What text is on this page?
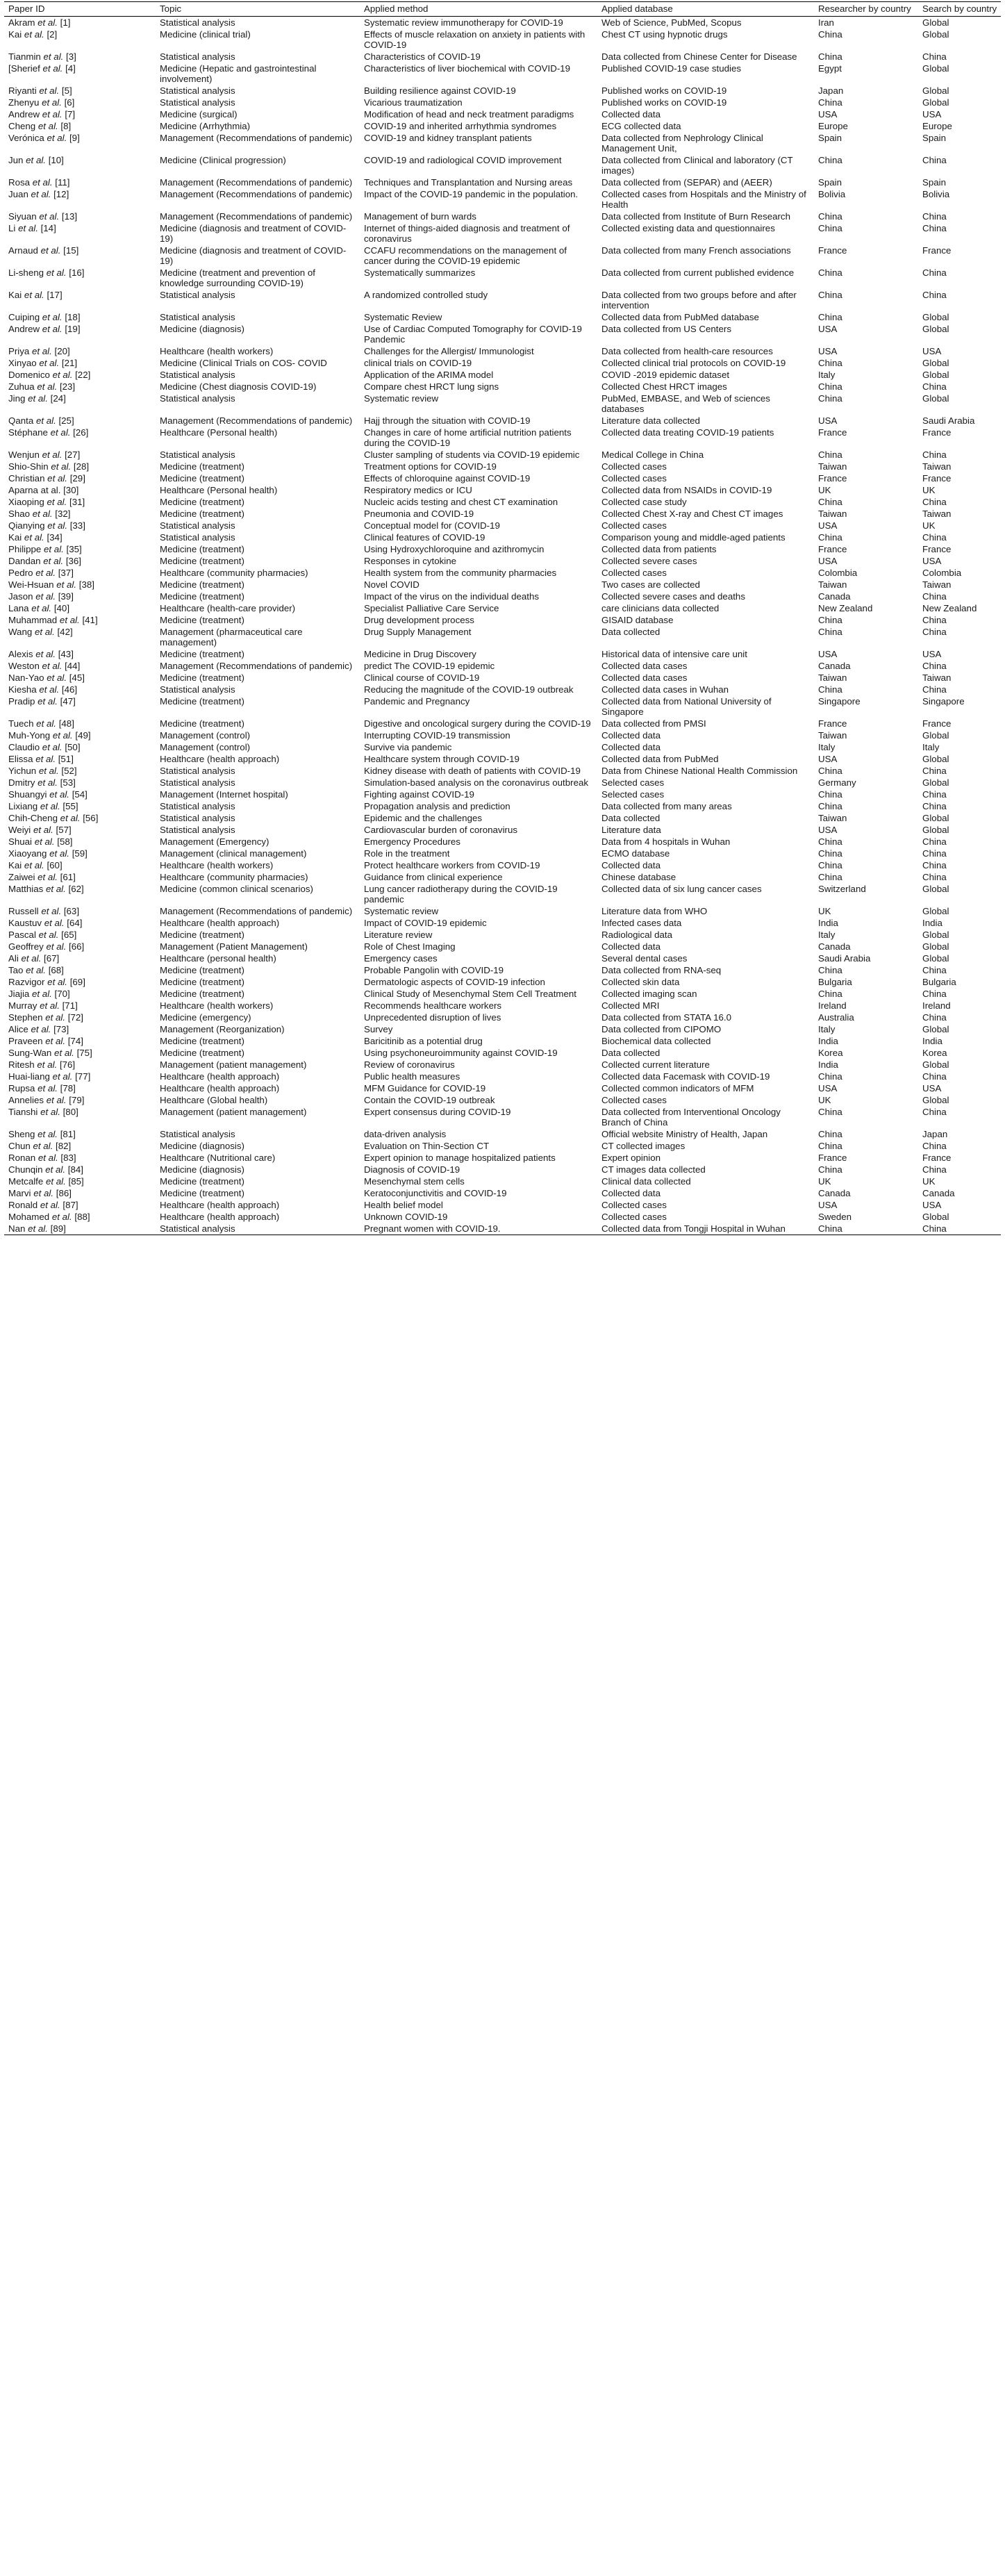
Paper ID	Topic	Applied method	Applied database	Researcher by country	Search by country
Akram et al. [1]	Statistical analysis	Systematic review immunotherapy for COVID-19	Web of Science, PubMed, Scopus	Iran	Global
Kai et al. [2]	Medicine (clinical trial)	Effects of muscle relaxation on anxiety in patients with COVID-19	Chest CT using hypnotic drugs	China	Global
Tianmin et al. [3]	Statistical analysis	Characteristics of COVID-19	Data collected from Chinese Center for Disease	China	China
[Sherief et al. [4]	Medicine (Hepatic and gastrointestinal involvement)	Characteristics of liver biochemical with COVID-19	Published COVID-19 case studies	Egypt	Global
Riyanti et al. [5]	Statistical analysis	Building resilience against COVID-19	Published works on COVID-19	Japan	Global
Zhenyu et al. [6]	Statistical analysis	Vicarious traumatization	Published works on COVID-19	China	Global
Andrew et al. [7]	Medicine (surgical)	Modification of head and neck treatment paradigms	Collected data	USA	USA
Cheng et al. [8]	Medicine (Arrhythmia)	COVID-19 and inherited arrhythmia syndromes	ECG collected data	Europe	Europe
Verónica et al. [9]	Management (Recommendations of pandemic)	COVID-19 and kidney transplant patients	Data collected from Nephrology Clinical Management Unit,	Spain	Spain
Jun et al. [10]	Medicine (Clinical progression)	COVID-19 and radiological COVID improvement	Data collected from Clinical and laboratory (CT images)	China	China
Rosa et al. [11]	Management (Recommendations of pandemic)	Techniques and Transplantation and Nursing areas	Data collected from (SEPAR) and (AEER)	Spain	Spain
Juan et al. [12]	Management (Recommendations of pandemic)	Impact of the COVID-19 pandemic in the population.	Collected cases from Hospitals and the Ministry of Health	Bolivia	Bolivia
Siyuan et al. [13]	Management (Recommendations of pandemic)	Management of burn wards	Data collected from Institute of Burn Research	China	China
Li et al. [14]	Medicine (diagnosis and treatment of COVID-19)	Internet of things-aided diagnosis and treatment of coronavirus	Collected existing data and questionnaires	China	China
Arnaud et al. [15]	Medicine (diagnosis and treatment of COVID-19)	CCAFU recommendations on the management of cancer during the COVID-19 epidemic	Data collected from many French associations	France	France
Li-sheng et al. [16]	Medicine (treatment and prevention of knowledge surrounding COVID-19)	Systematically summarizes	Data collected from current published evidence	China	China
Kai et al. [17]	Statistical analysis	A randomized controlled study	Data collected from two groups before and after intervention	China	China
Cuiping et al. [18]	Statistical analysis	Systematic Review	Collected data from PubMed database	China	Global
Andrew et al. [19]	Medicine (diagnosis)	Use of Cardiac Computed Tomography for COVID-19 Pandemic	Data collected from US Centers	USA	Global
Priya et al. [20]	Healthcare (health workers)	Challenges for the Allergist/ Immunologist	Data collected from health-care resources	USA	USA
Xinyao et al. [21]	Medicine (Clinical Trials on COS- COVID	clinical trials on COVID-19	Collected clinical trial protocols on COVID-19	China	Global
Domenico et al. [22]	Statistical analysis	Application of the ARIMA model	COVID -2019 epidemic dataset	Italy	Global
Zuhua et al. [23]	Medicine (Chest diagnosis COVID-19)	Compare chest HRCT lung signs	Collected Chest HRCT images	China	China
Jing et al. [24]	Statistical analysis	Systematic review	PubMed, EMBASE, and Web of sciences databases	China	Global
Qanta et al. [25]	Management (Recommendations of pandemic)	Hajj through the situation with COVID-19	Literature data collected	USA	Saudi Arabia
Stéphane et al. [26]	Healthcare (Personal health)	Changes in care of home artificial nutrition patients during the COVID-19	Collected data treating COVID-19 patients	France	France
Wenjun et al. [27]	Statistical analysis	Cluster sampling of students via COVID-19 epidemic	Medical College in China	China	China
Shio-Shin et al. [28]	Medicine (treatment)	Treatment options for COVID-19	Collected cases	Taiwan	Taiwan
Christian et al. [29]	Medicine (treatment)	Effects of chloroquine against COVID-19	Collected cases	France	France
Aparna at al. [30]	Healthcare (Personal health)	Respiratory medics or ICU	Collected data from NSAIDs in COVID-19	UK	UK
Xiaoping et al. [31]	Medicine (treatment)	Nucleic acids testing and chest CT examination	Collected case study	China	China
Shao et al. [32]	Medicine (treatment)	Pneumonia and COVID-19	Collected Chest X-ray and Chest CT images	Taiwan	Taiwan
Qianying et al. [33]	Statistical analysis	Conceptual model for (COVID-19	Collected cases	USA	UK
Kai et al. [34]	Statistical analysis	Clinical features of COVID-19	Comparison young and middle-aged patients	China	China
Philippe et al. [35]	Medicine (treatment)	Using Hydroxychloroquine and azithromycin	Collected data from patients	France	France
Dandan et al. [36]	Medicine (treatment)	Responses in cytokine	Collected severe cases	USA	USA
Pedro et al. [37]	Healthcare (community pharmacies)	Health system from the community pharmacies	Collected cases	Colombia	Colombia
Wei-Hsuan et al. [38]	Medicine (treatment)	Novel COVID	Two cases are collected	Taiwan	Taiwan
Jason et al. [39]	Medicine (treatment)	Impact of the virus on the individual deaths	Collected severe cases and deaths	Canada	China
Lana et al. [40]	Healthcare (health-care provider)	Specialist Palliative Care Service	care clinicians data collected	New Zealand	New Zealand
Muhammad et al. [41]	Medicine (treatment)	Drug development process	GISAID database	China	China
Wang et al. [42]	Management (pharmaceutical care management)	Drug Supply Management	Data collected	China	China
Alexis et al. [43]	Medicine (treatment)	Medicine in Drug Discovery	Historical data of intensive care unit	USA	USA
Weston et al. [44]	Management (Recommendations of pandemic)	predict The COVID-19 epidemic	Collected data cases	Canada	China
Nan-Yao et al. [45]	Medicine (treatment)	Clinical course of COVID-19	Collected data cases	Taiwan	Taiwan
Kiesha et al. [46]	Statistical analysis	Reducing the magnitude of the COVID-19 outbreak	Collected data cases in Wuhan	China	China
Pradip et al. [47]	Medicine (treatment)	Pandemic and Pregnancy	Collected data from National University of Singapore	Singapore	Singapore
Tuech et al. [48]	Medicine (treatment)	Digestive and oncological surgery during the COVID-19	Data collected from PMSI	France	France
Muh-Yong et al. [49]	Management (control)	Interrupting COVID-19 transmission	Collected data	Taiwan	Global
Claudio et al. [50]	Management (control)	Survive via pandemic	Collected data	Italy	Italy
Elissa et al. [51]	Healthcare (health approach)	Healthcare system through COVID-19	Collected data from PubMed	USA	Global
Yichun et al. [52]	Statistical analysis	Kidney disease with death of patients with COVID-19	Data from Chinese National Health Commission	China	China
Dmitry et al. [53]	Statistical analysis	Simulation-based analysis on the coronavirus outbreak	Selected cases	Germany	Global
Shuangyi et al. [54]	Management (Internet hospital)	Fighting against COVID-19	Selected cases	China	China
Lixiang et al. [55]	Statistical analysis	Propagation analysis and prediction	Data collected from many areas	China	China
Chih-Cheng et al. [56]	Statistical analysis	Epidemic and the challenges	Data collected	Taiwan	Global
Weiyi et al. [57]	Statistical analysis	Cardiovascular burden of coronavirus	Literature data	USA	Global
Shuai et al. [58]	Management (Emergency)	Emergency Procedures	Data from 4 hospitals in Wuhan	China	China
Xiaoyang et al. [59]	Management (clinical management)	Role in the treatment	ECMO database	China	China
Kai et al. [60]	Healthcare (health workers)	Protect healthcare workers from COVID-19	Collected data	China	China
Zaiwei et al. [61]	Healthcare (community pharmacies)	Guidance from clinical experience	Chinese database	China	China
Matthias et al. [62]	Medicine (common clinical scenarios)	Lung cancer radiotherapy during the COVID-19 pandemic	Collected data of six lung cancer cases	Switzerland	Global
Russell et al. [63]	Management (Recommendations of pandemic)	Systematic review	Literature data from WHO	UK	Global
Kaustuv et al. [64]	Healthcare (health approach)	Impact of COVID-19 epidemic	Infected cases data	India	India
Pascal et al. [65]	Medicine (treatment)	Literature review	Radiological data	Italy	Global
Geoffrey et al. [66]	Management (Patient Management)	Role of Chest Imaging	Collected data	Canada	Global
Ali et al. [67]	Healthcare (personal health)	Emergency cases	Several dental cases	Saudi Arabia	Global
Tao et al. [68]	Medicine (treatment)	Probable Pangolin with COVID-19	Data collected from RNA-seq	China	China
Razvigor et al. [69]	Medicine (treatment)	Dermatologic aspects of COVID-19 infection	Collected skin data	Bulgaria	Bulgaria
Jiajia et al. [70]	Medicine (treatment)	Clinical Study of Mesenchymal Stem Cell Treatment	Collected imaging scan	China	China
Murray et al. [71]	Healthcare (health workers)	Recommends healthcare workers	Collected MRI	Ireland	Ireland
Stephen et al. [72]	Medicine (emergency)	Unprecedented disruption of lives	Data collected from STATA 16.0	Australia	China
Alice et al. [73]	Management (Reorganization)	Survey	Data collected from CIPOMO	Italy	Global
Praveen et al. [74]	Medicine (treatment)	Baricitinib as a potential drug	Biochemical data collected	India	India
Sung-Wan et al. [75]	Medicine (treatment)	Using psychoneuroimmunity against COVID-19	Data collected	Korea	Korea
Ritesh et al. [76]	Management (patient management)	Review of coronavirus	Collected current literature	India	Global
Huai-liang et al. [77]	Healthcare (health approach)	Public health measures	Collected data Facemask with COVID-19	China	China
Rupsa et al. [78]	Healthcare (health approach)	MFM Guidance for COVID-19	Collected common indicators of MFM	USA	USA
Annelies et al. [79]	Healthcare (Global health)	Contain the COVID-19 outbreak	Collected cases	UK	Global
Tianshi et al. [80]	Management (patient management)	Expert consensus during COVID-19	Data collected from Interventional Oncology Branch of China	China	China
Sheng et al. [81]	Statistical analysis	data-driven analysis	Official website Ministry of Health, Japan	China	Japan
Chun et al. [82]	Medicine (diagnosis)	Evaluation on Thin-Section CT	CT collected images	China	China
Ronan et al. [83]	Healthcare (Nutritional care)	Expert opinion to manage hospitalized patients	Expert opinion	France	France
Chunqin et al. [84]	Medicine (diagnosis)	Diagnosis of COVID-19	CT images data collected	China	China
Metcalfe et al. [85]	Medicine (treatment)	Mesenchymal stem cells	Clinical data collected	UK	UK
Marvi et al. [86]	Medicine (treatment)	Keratoconjunctivitis and COVID-19	Collected data	Canada	Canada
Ronald et al. [87]	Healthcare (health approach)	Health belief model	Collected cases	USA	USA
Mohamed et al. [88]	Healthcare (health approach)	Unknown COVID-19	Collected cases	Sweden	Global
Nan et al. [89]	Statistical analysis	Pregnant women with COVID-19.	Collected data from Tongji Hospital in Wuhan	China	China
